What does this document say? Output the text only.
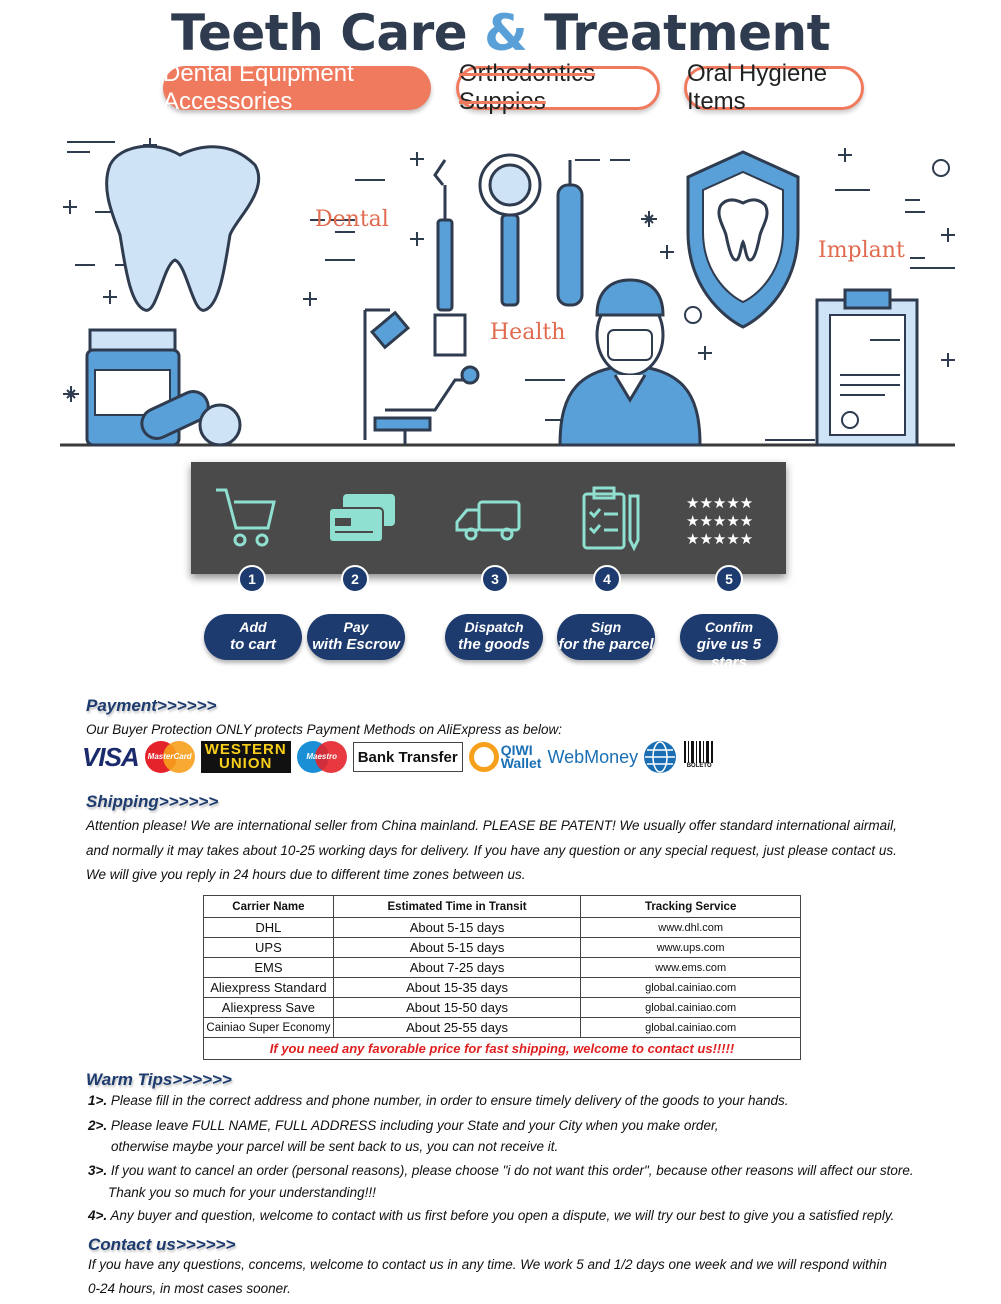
Teeth Care & Treatment
Dental Equipment Accessories
Orthodontics Suppies
Oral Hygiene Items
Dental
Health
Implant
★★★★★
★★★★★
★★★★★
1	2	3	4	5
Add
to cart
Pay
with Escrow
Dispatch
the goods
Sign
for the parcel
Confim
give us 5 stars
Payment>>>>>>
Our Buyer Protection ONLY protects Payment Methods on AliExpress as below:
VISA	MasterCard WESTERN
UNION	Maestro	Bank Transfer	QIWI
Wallet WebMoney	BOLETO
Shipping>>>>>>
Attention please! We are international seller from China mainland. PLEASE BE PATENT! We usually offer standard international airmail,
and normally it may takes about 10-25 working days for delivery. If you have any question or any special request, just please contact us.
We will give you reply in 24 hours due to different time zones between us.
Carrier Name	Estimated Time in Transit	Tracking Service
DHL	About 5-15 days	www.dhl.com
UPS	About 5-15 days	www.ups.com
EMS	About 7-25 days	www.ems.com
Aliexpress Standard	About 15-35 days	global.cainiao.com
Aliexpress Save	About 15-50 days	global.cainiao.com
Cainiao Super Economy	About 25-55 days	global.cainiao.com
If you need any favorable price for fast shipping, welcome to contact us!!!!!		
Warm Tips>>>>>>
1>. Please fill in the correct address and phone number, in order to ensure timely delivery of the goods to your hands.
2>. Please leave FULL NAME, FULL ADDRESS including your State and your City when you make order,
otherwise maybe your parcel will be sent back to us, you can not receive it.
3>. If you want to cancel an order (personal reasons), please choose "i do not want this order", because other reasons will affect our store.
Thank you so much for your understanding!!!
4>. Any buyer and question, welcome to contact with us first before you open a dispute, we will try our best to give you a satisfied reply.
Contact us>>>>>>
If you have any questions, concems, welcome to contact us in any time. We work 5 and 1/2 days one week and we will respond within
0-24 hours, in most cases sooner.
